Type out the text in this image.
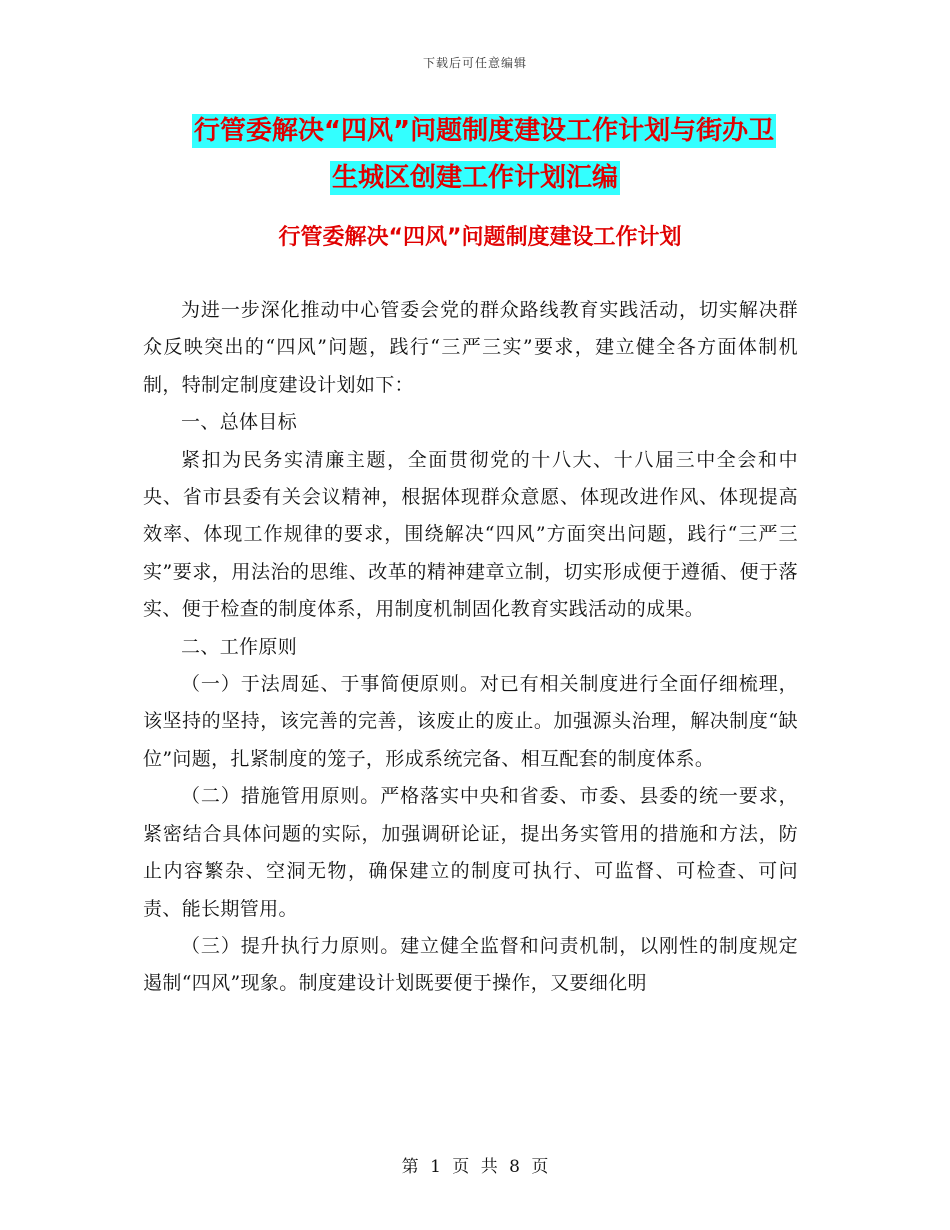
下载后可任意编辑
行管委解决“四风”问题制度建设工作计划与街办卫
生城区创建工作计划汇编
行管委解决“四风”问题制度建设工作计划

为进一步深化推动中心管委会党的群众路线教育实践活动，切实解决群众反映突出的“四风”问题，践行“三严三实”要求，建立健全各方面体制机制，特制定制度建设计划如下：

一、总体目标

紧扣为民务实清廉主题，全面贯彻党的十八大、十八届三中全会和中央、省市县委有关会议精神，根据体现群众意愿、体现改进作风、体现提高效率、体现工作规律的要求，围绕解决“四风”方面突出问题，践行“三严三实”要求，用法治的思维、改革的精神建章立制，切实形成便于遵循、便于落实、便于检查的制度体系，用制度机制固化教育实践活动的成果。

二、工作原则

（一）于法周延、于事简便原则。对已有相关制度进行全面仔细梳理，该坚持的坚持，该完善的完善，该废止的废止。加强源头治理，解决制度“缺位”问题，扎紧制度的笼子，形成系统完备、相互配套的制度体系。

（二）措施管用原则。严格落实中央和省委、市委、县委的统一要求，紧密结合具体问题的实际，加强调研论证，提出务实管用的措施和方法，防止内容繁杂、空洞无物，确保建立的制度可执行、可监督、可检查、可问责、能长期管用。

（三）提升执行力原则。建立健全监督和问责机制，以刚性的制度规定遏制“四风”现象。制度建设计划既要便于操作，又要细化明

第 1 页 共 8 页
